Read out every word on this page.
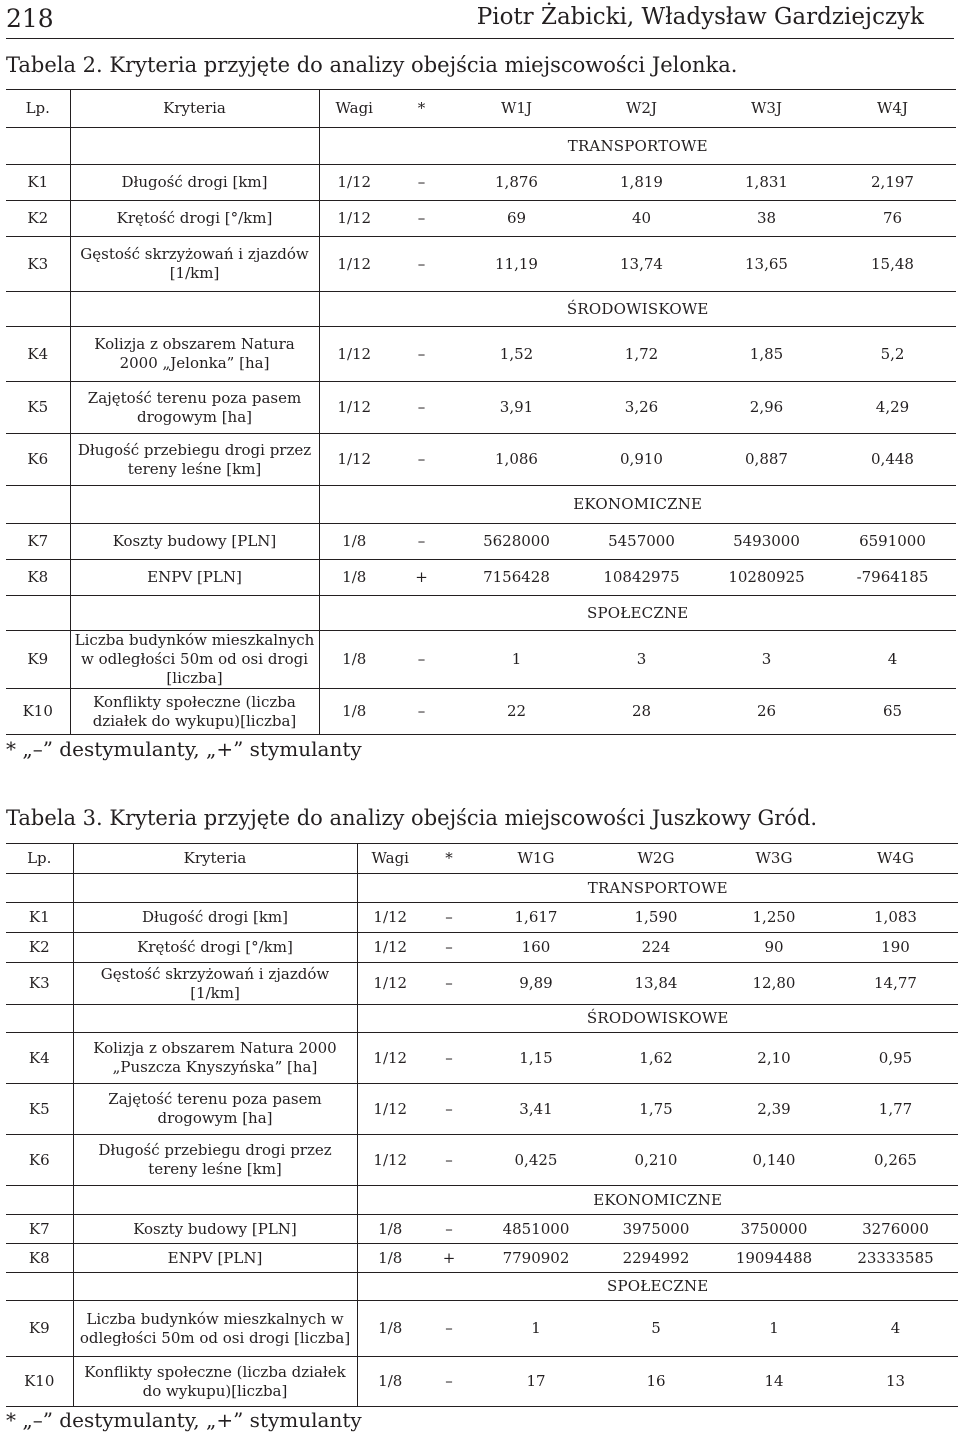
218	Piotr Żabicki, Władysław Gardziejczyk
Tabela 2. Kryteria przyjęte do analizy obejścia miejscowości Jelonka.
Lp.	Kryteria	Wagi	*	W1J	W2J	W3J	W4J
		TRANSPORTOWE					
K1	Długość drogi [km]	1/12	–	1,876	1,819	1,831	2,197
K2	Krętość drogi [°/km]	1/12	–	69	40	38	76
K3	Gęstość skrzyżowań i zjazdów [1/km]	1/12	–	11,19	13,74	13,65	15,48
		ŚRODOWISKOWE					
K4	Kolizja z obszarem Natura 2000 „Jelonka” [ha]	1/12	–	1,52	1,72	1,85	5,2
K5	Zajętość terenu poza pasem drogowym [ha]	1/12	–	3,91	3,26	2,96	4,29
K6	Długość przebiegu drogi przez tereny leśne [km]	1/12	–	1,086	0,910	0,887	0,448
		EKONOMICZNE					
K7	Koszty budowy [PLN]	1/8	–	5628000	5457000	5493000	6591000
K8	ENPV [PLN]	1/8	+	7156428	10842975	10280925	-7964185
		SPOŁECZNE					
K9	Liczba budynków mieszkalnych w odległości 50m od osi drogi [liczba]	1/8	–	1	3	3	4
K10	Konflikty społeczne (liczba działek do wykupu)[liczba]	1/8	–	22	28	26	65
* „–” destymulanty, „+” stymulanty
Tabela 3. Kryteria przyjęte do analizy obejścia miejscowości Juszkowy Gród.
Lp.	Kryteria	Wagi	*	W1G	W2G	W3G	W4G
		TRANSPORTOWE					
K1	Długość drogi [km]	1/12	–	1,617	1,590	1,250	1,083
K2	Krętość drogi [°/km]	1/12	–	160	224	90	190
K3	Gęstość skrzyżowań i zjazdów [1/km]	1/12	–	9,89	13,84	12,80	14,77
		ŚRODOWISKOWE					
K4	Kolizja z obszarem Natura 2000 „Puszcza Knyszyńska” [ha]	1/12	–	1,15	1,62	2,10	0,95
K5	Zajętość terenu poza pasem drogowym [ha]	1/12	–	3,41	1,75	2,39	1,77
K6	Długość przebiegu drogi przez tereny leśne [km]	1/12	–	0,425	0,210	0,140	0,265
		EKONOMICZNE					
K7	Koszty budowy [PLN]	1/8	–	4851000	3975000	3750000	3276000
K8	ENPV [PLN]	1/8	+	7790902	2294992	19094488	23333585
		SPOŁECZNE					
K9	Liczba budynków mieszkalnych w odległości 50m od osi drogi [liczba]	1/8	–	1	5	1	4
K10	Konflikty społeczne (liczba działek do wykupu)[liczba]	1/8	–	17	16	14	13
* „–” destymulanty, „+” stymulanty
